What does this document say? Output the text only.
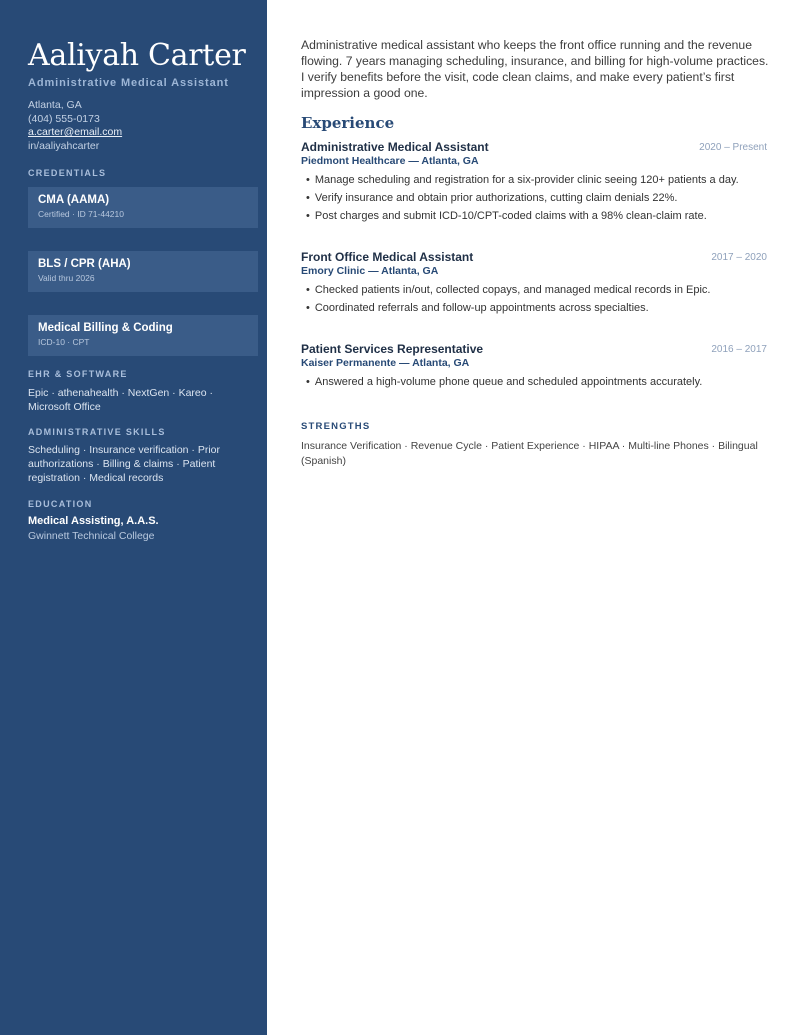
Aaliyah Carter
Administrative Medical Assistant
Atlanta, GA
(404) 555-0173
a.carter@email.com
in/aaliyahcarter
CREDENTIALS
CMA (AAMA)
Certified · ID 71-44210
BLS / CPR (AHA)
Valid thru 2026
Medical Billing & Coding
ICD-10 · CPT
EHR & SOFTWARE
Epic · athenahealth · NextGen · Kareo · Microsoft Office
ADMINISTRATIVE SKILLS
Scheduling · Insurance verification · Prior authorizations · Billing & claims · Patient registration · Medical records
EDUCATION
Medical Assisting, A.A.S.
Gwinnett Technical College

Administrative medical assistant who keeps the front office running and the revenue flowing. 7 years managing scheduling, insurance, and billing for high-volume practices. I verify benefits before the visit, code clean claims, and make every patient’s first impression a good one.

Experience
Administrative Medical Assistant	2020 – Present
Piedmont Healthcare — Atlanta, GA
• Manage scheduling and registration for a six-provider clinic seeing 120+ patients a day.
• Verify insurance and obtain prior authorizations, cutting claim denials 22%.
• Post charges and submit ICD-10/CPT-coded claims with a 98% clean-claim rate.
Front Office Medical Assistant	2017 – 2020
Emory Clinic — Atlanta, GA
• Checked patients in/out, collected copays, and managed medical records in Epic.
• Coordinated referrals and follow-up appointments across specialties.
Patient Services Representative	2016 – 2017
Kaiser Permanente — Atlanta, GA
• Answered a high-volume phone queue and scheduled appointments accurately.
STRENGTHS
Insurance Verification · Revenue Cycle · Patient Experience · HIPAA · Multi-line Phones · Bilingual (Spanish)
